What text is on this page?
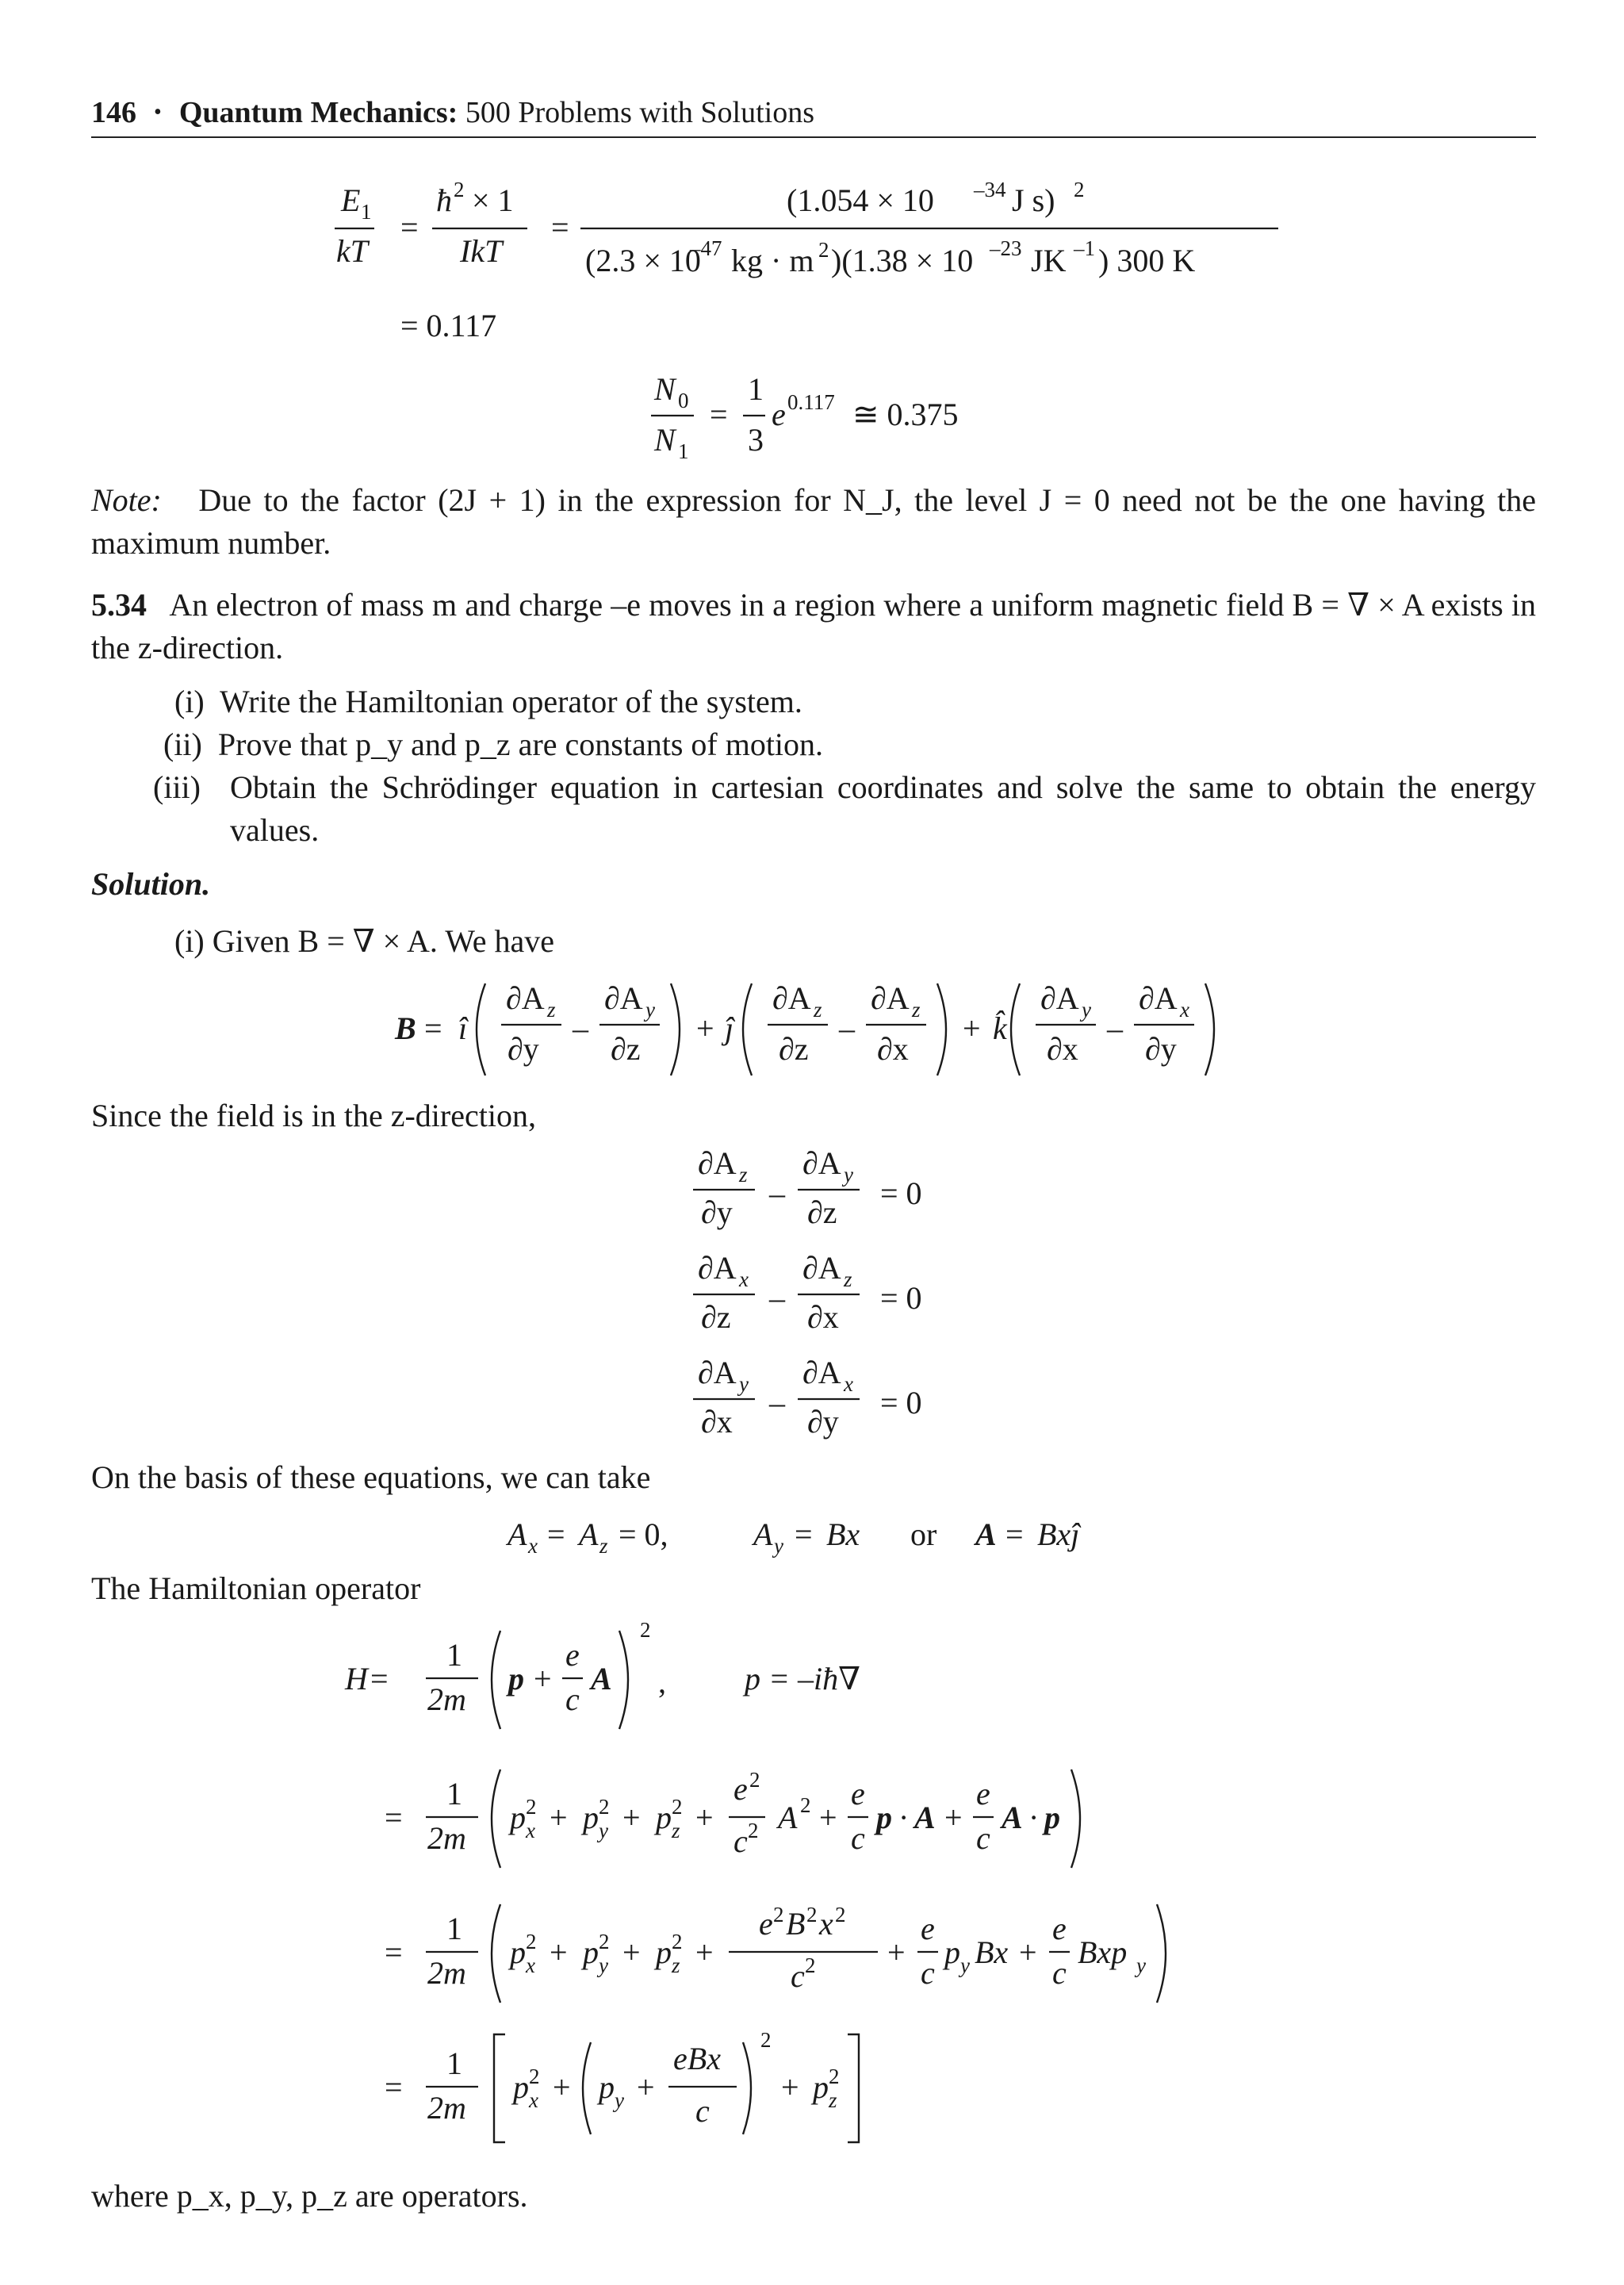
146 • Quantum Mechanics: 500 Problems with Solutions
E 1
kT
=
ħ 2 × 1
IkT
=
(1.054 × 10 –34 J s) 2
(2.3 × 10
–47 kg · m 2 )(1.38 × 10 –23 JK –1 ) 300 K
= 0.117
N 0
N 1
=
1
3
e 0.117 ≅ 0.375
Note: Due to the factor (2J + 1) in the expression for N_J, the level J = 0 need not be the one having the maximum number.
5.34 An electron of mass m and charge –e moves in a region where a uniform magnetic field B = ∇ × A exists in the z-direction.
(i) Write the Hamiltonian operator of the system.
(ii) Prove that p_y and p_z are constants of motion.
(iii) Obtain the Schrödinger equation in cartesian coordinates and solve the same to obtain the energy values.
Solution.
(i) Given B = ∇ × A. We have
B = î
∂A z
∂y
–
∂A y
∂z
+ ĵ
∂A z
∂z
–
∂A z
∂x
+ k̂
∂A y
∂x
–
∂A x
∂y
Since the field is in the z-direction,
∂A z
∂y
–
∂A y
∂z
= 0
∂A x
∂z
–
∂A z
∂x
= 0
∂A y
∂x
–
∂A x
∂y
= 0
On the basis of these equations, we can take
A x = A z = 0,	A y = Bx or A = Bxĵ
The Hamiltonian operator
H =
1
2m
p +
e
c
A
2
, p = –iħ∇
=
1
2m
p 2
x + p 2
y + p 2
z +
e 2
c 2 A 2 +
e
c
p · A +
e
c
A · p
=
1
2m
p 2
x + p 2
y + p 2
z +
e 2 B 2 x 2
c 2 +
e
c
p y Bx +
e
c
Bxp y
=
1
2m
p 2
x + p y +
eBx
c
2
+ p 2
z
where p_x, p_y, p_z are operators.
